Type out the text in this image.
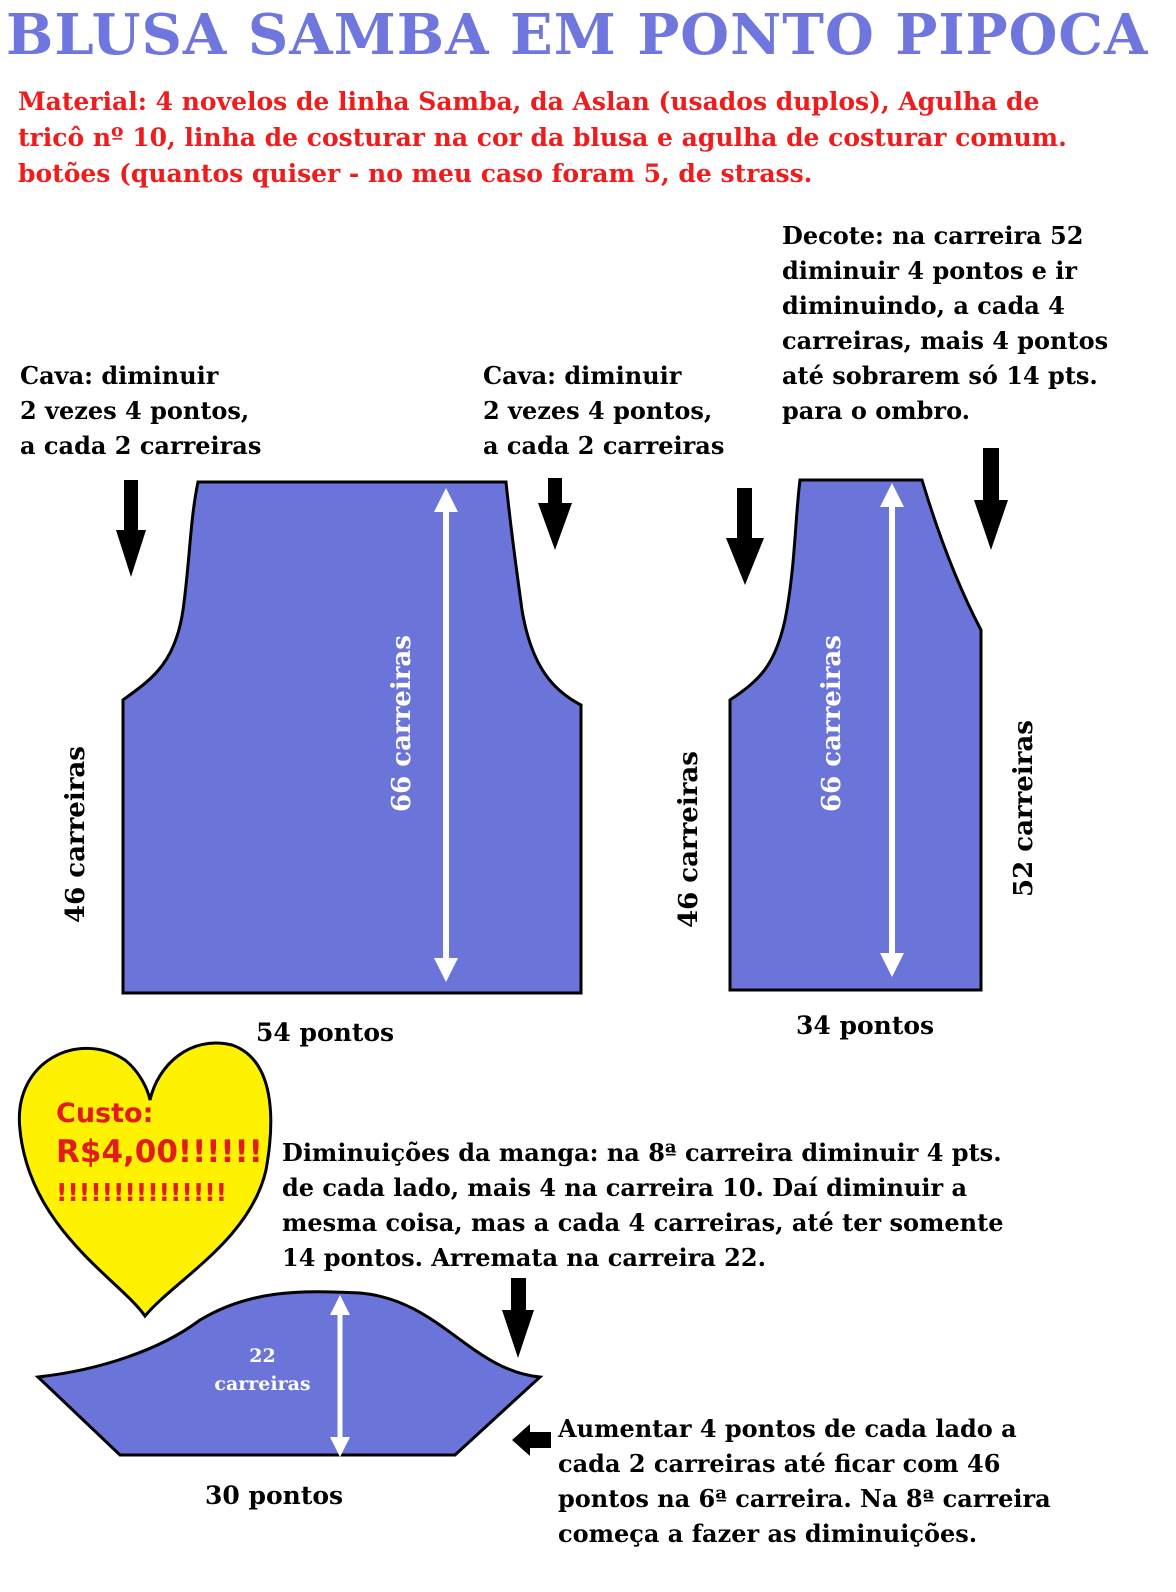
BLUSA SAMBA EM PONTO PIPOCA

Material: 4 novelos de linha Samba, da Aslan (usados duplos), Agulha de
tricô nº 10, linha de costurar na cor da blusa e agulha de costurar comum.
botões (quantos quiser - no meu caso foram 5, de strass.
Cava: diminuir
2 vezes 4 pontos,
a cada 2 carreiras
Cava: diminuir
2 vezes 4 pontos,
a cada 2 carreiras
Decote: na carreira 52
diminuir 4 pontos e ir
diminuindo, a cada 4
carreiras, mais 4 pontos
até sobrarem só 14 pts.
para o ombro.
66 carreiras
46 carreiras
66 carreiras
46 carreiras	52 carreiras
54 pontos	34 pontos
Custo:
R$4,00!!!!!!
!!!!!!!!!!!!!!!
Diminuições da manga: na 8ª carreira diminuir 4 pts.
de cada lado, mais 4 na carreira 10. Daí diminuir a
mesma coisa, mas a cada 4 carreiras, até ter somente
14 pontos. Arremata na carreira 22.
22
carreiras
30 pontos
Aumentar 4 pontos de cada lado a
cada 2 carreiras até ficar com 46
pontos na 6ª carreira. Na 8ª carreira
começa a fazer as diminuições.
